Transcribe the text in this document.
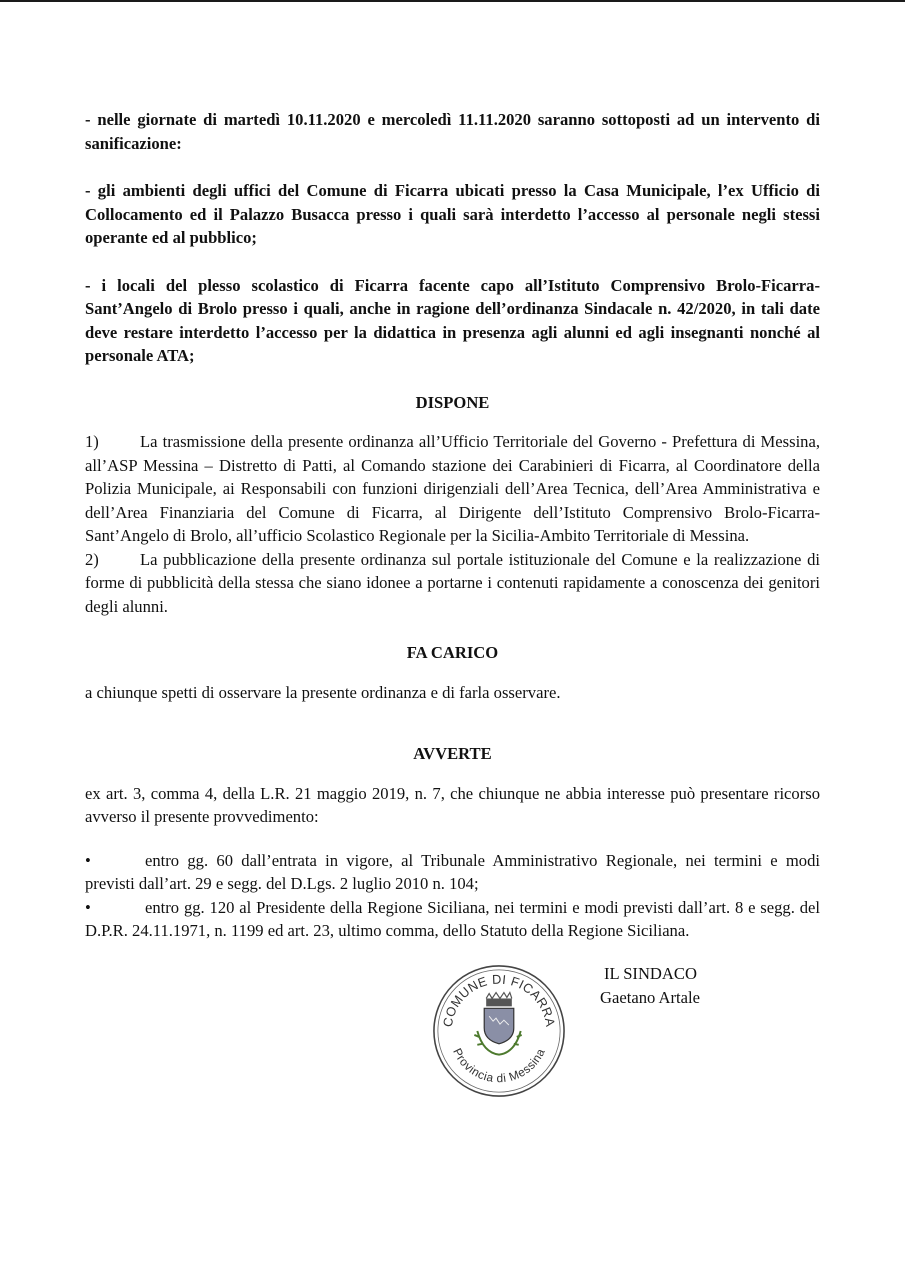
- nelle giornate di martedì 10.11.2020 e mercoledì 11.11.2020 saranno sottoposti ad un intervento di sanificazione:

- gli ambienti degli uffici del Comune di Ficarra ubicati presso la Casa Municipale, l’ex Ufficio di Collocamento ed il Palazzo Busacca presso i quali sarà interdetto l’accesso al personale negli stessi operante ed al pubblico;

- i locali del plesso scolastico di Ficarra facente capo all’Istituto Comprensivo Brolo-Ficarra-Sant’Angelo di Brolo presso i quali, anche in ragione dell’ordinanza Sindacale n. 42/2020, in tali date deve restare interdetto l’accesso per la didattica in presenza agli alunni ed agli insegnanti nonché al personale ATA;

DISPONE

1) La trasmissione della presente ordinanza all’Ufficio Territoriale del Governo - Prefettura di Messina, all’ASP Messina – Distretto di Patti, al Comando stazione dei Carabinieri di Ficarra, al Coordinatore della Polizia Municipale, ai Responsabili con funzioni dirigenziali dell’Area Tecnica, dell’Area Amministrativa e dell’Area Finanziaria del Comune di Ficarra, al Dirigente dell’Istituto Comprensivo Brolo-Ficarra-Sant’Angelo di Brolo, all’ufficio Scolastico Regionale per la Sicilia-Ambito Territoriale di Messina.

2) La pubblicazione della presente ordinanza sul portale istituzionale del Comune e la realizzazione di forme di pubblicità della stessa che siano idonee a portarne i contenuti rapidamente a conoscenza dei genitori degli alunni.

FA CARICO

a chiunque spetti di osservare la presente ordinanza e di farla osservare.

AVVERTE

ex art. 3, comma 4, della L.R. 21 maggio 2019, n. 7, che chiunque ne abbia interesse può presentare ricorso avverso il presente provvedimento:

•	entro gg. 60 dall’entrata in vigore, al Tribunale Amministrativo Regionale, nei termini e modi previsti dall’art. 29 e segg. del D.Lgs. 2 luglio 2010 n. 104;

•	entro gg. 120 al Presidente della Regione Siciliana, nei termini e modi previsti dall’art. 8 e segg. del D.P.R. 24.11.1971, n. 1199 ed art. 23, ultimo comma, dello Statuto della Regione Siciliana.

COMUNE DI FICARRA
Provincia di Messina
IL SINDACO
Gaetano Artale
